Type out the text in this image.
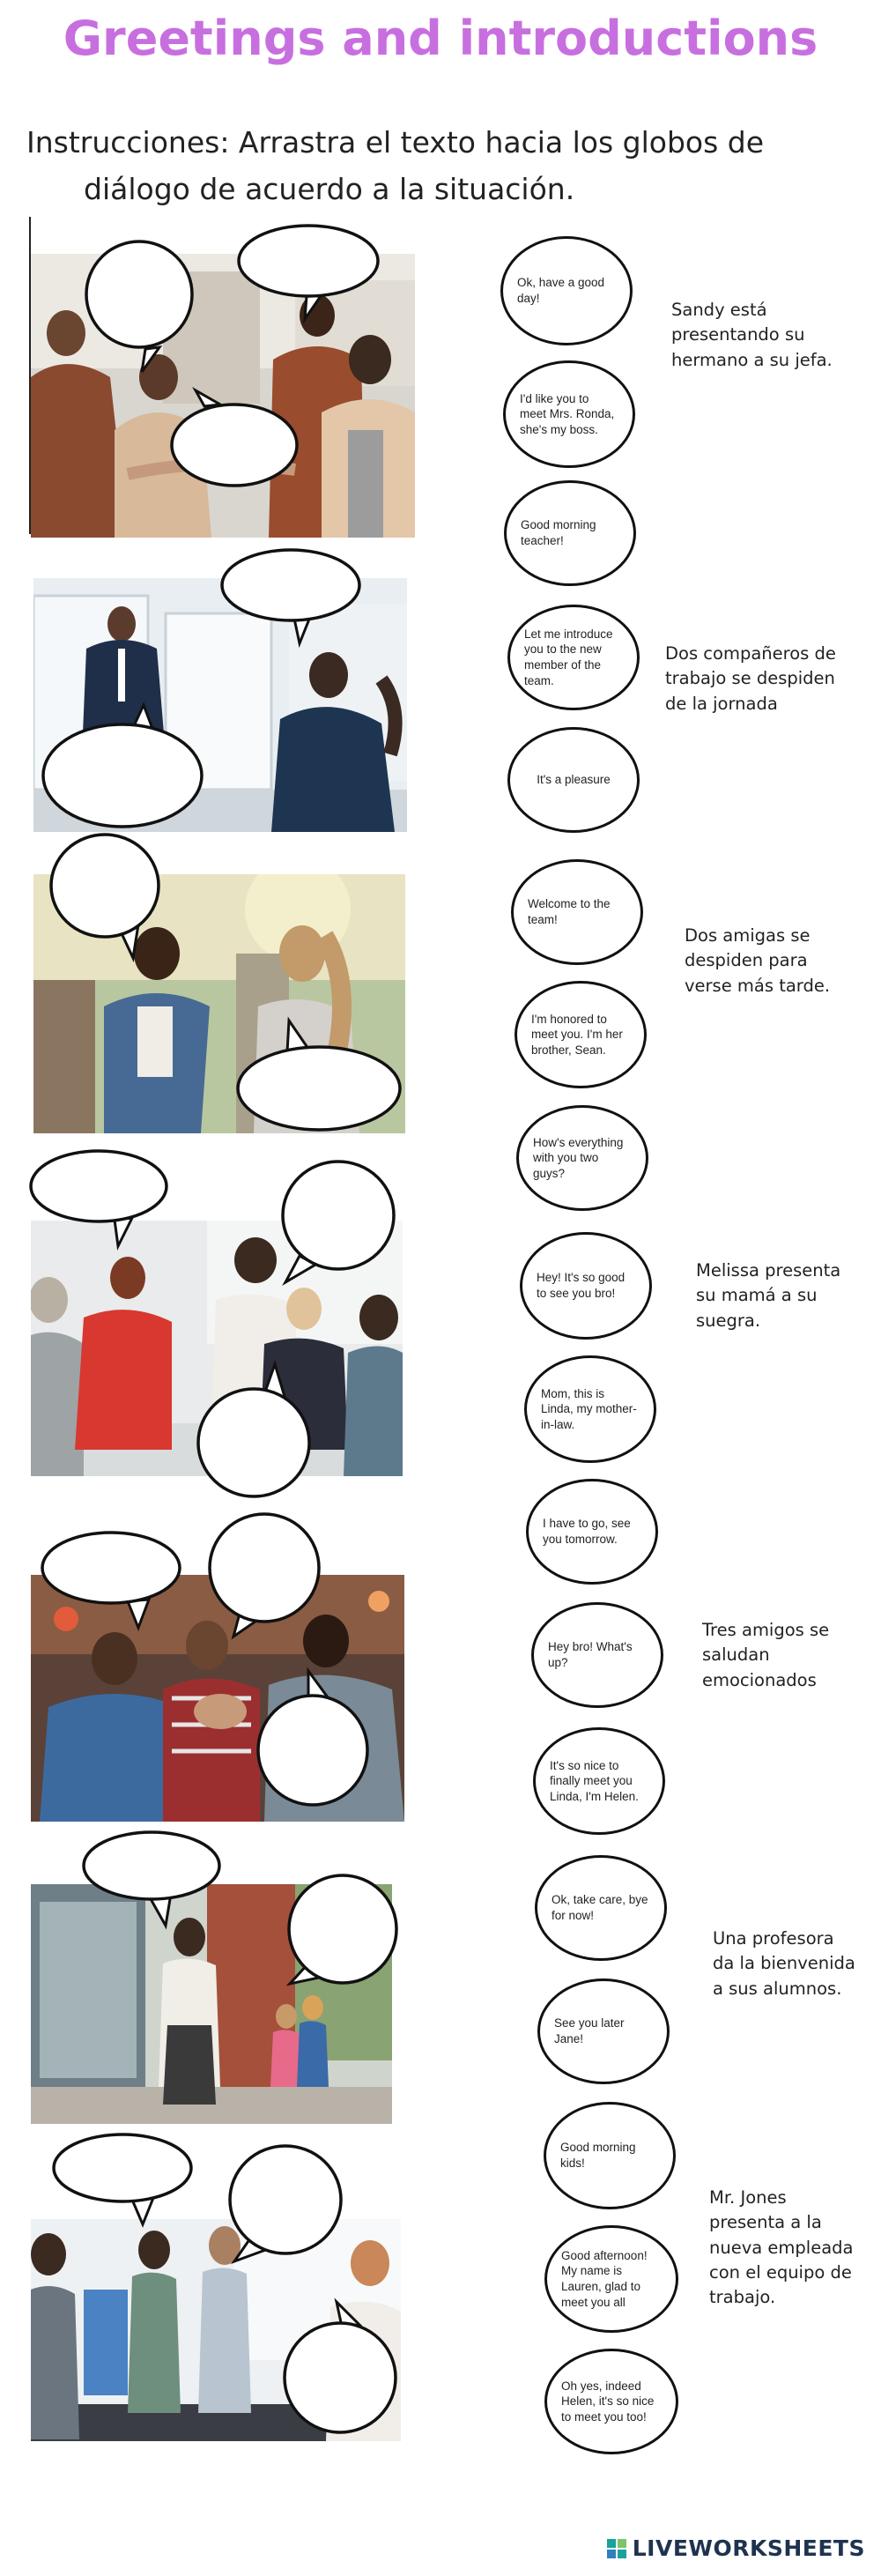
Greetings and introductions
Instrucciones: Arrastra el texto hacia los globos de
diálogo de acuerdo a la situación.
Ok, have a good day!
I'd like you to meet Mrs. Ronda, she's my boss.
Good morning teacher!
Let me introduce you to the new member of the team.
It's a pleasure
Welcome to the team!
I'm honored to meet you. I'm her brother, Sean.
How's everything with you two guys?
Hey! It's so good to see you bro!
Mom, this is Linda, my mother-in-law.
I have to go, see you tomorrow.
Hey bro! What's up?
It's so nice to finally meet you Linda, I'm Helen.
Ok, take care, bye for now!
See you later Jane!
Good morning kids!
Good afternoon! My name is Lauren, glad to meet you all
Oh yes, indeed Helen, it's so nice to meet you too!
Sandy está
presentando su
hermano a su jefa.
Dos compañeros de
trabajo se despiden
de la jornada
Dos amigas se
despiden para
verse más tarde.
Melissa presenta
su mamá a su
suegra.
Tres amigos se
saludan
emocionados
Una profesora
da la bienvenida
a sus alumnos.
Mr. Jones
presenta a la
nueva empleada
con el equipo de
trabajo.
LIVEWORKSHEETS
